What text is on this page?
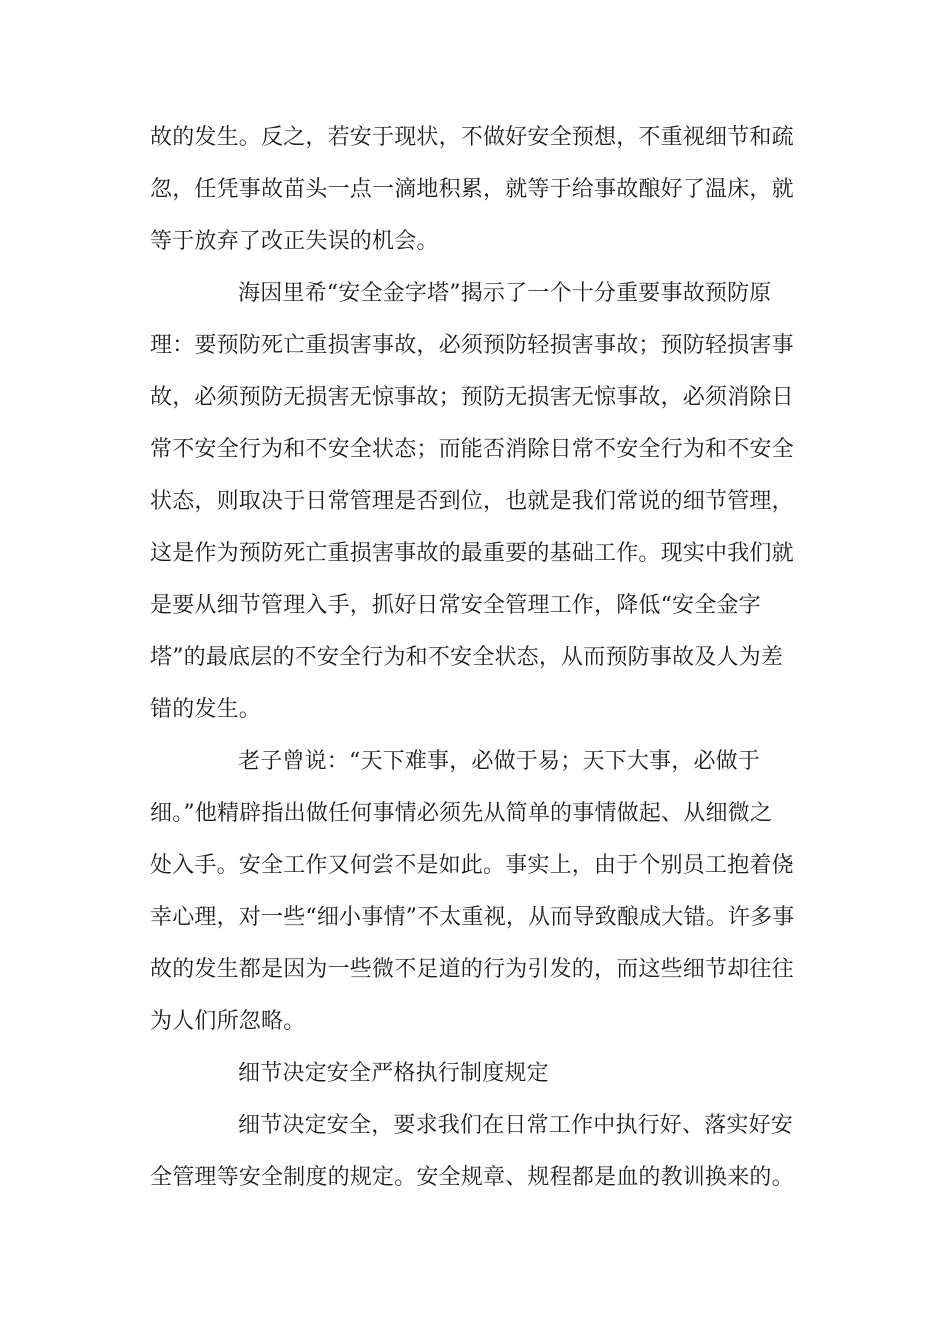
故的发生。反之，若安于现状，不做好安全预想，不重视细节和疏
忽，任凭事故苗头一点一滴地积累，就等于给事故酿好了温床，就
等于放弃了改正失误的机会。
海因里希“安全金字塔”揭示了一个十分重要事故预防原
理：要预防死亡重损害事故，必须预防轻损害事故；预防轻损害事
故，必须预防无损害无惊事故；预防无损害无惊事故，必须消除日
常不安全行为和不安全状态；而能否消除日常不安全行为和不安全
状态，则取决于日常管理是否到位，也就是我们常说的细节管理，
这是作为预防死亡重损害事故的最重要的基础工作。现实中我们就
是要从细节管理入手，抓好日常安全管理工作，降低“安全金字
塔”的最底层的不安全行为和不安全状态，从而预防事故及人为差
错的发生。
老子曾说：“天下难事，必做于易；天下大事，必做于
细。”他精辟指出做任何事情必须先从简单的事情做起、从细微之
处入手。安全工作又何尝不是如此。事实上，由于个别员工抱着侥
幸心理，对一些“细小事情”不太重视，从而导致酿成大错。许多事
故的发生都是因为一些微不足道的行为引发的，而这些细节却往往
为人们所忽略。
细节决定安全严格执行制度规定
细节决定安全，要求我们在日常工作中执行好、落实好安
全管理等安全制度的规定。安全规章、规程都是血的教训换来的。
